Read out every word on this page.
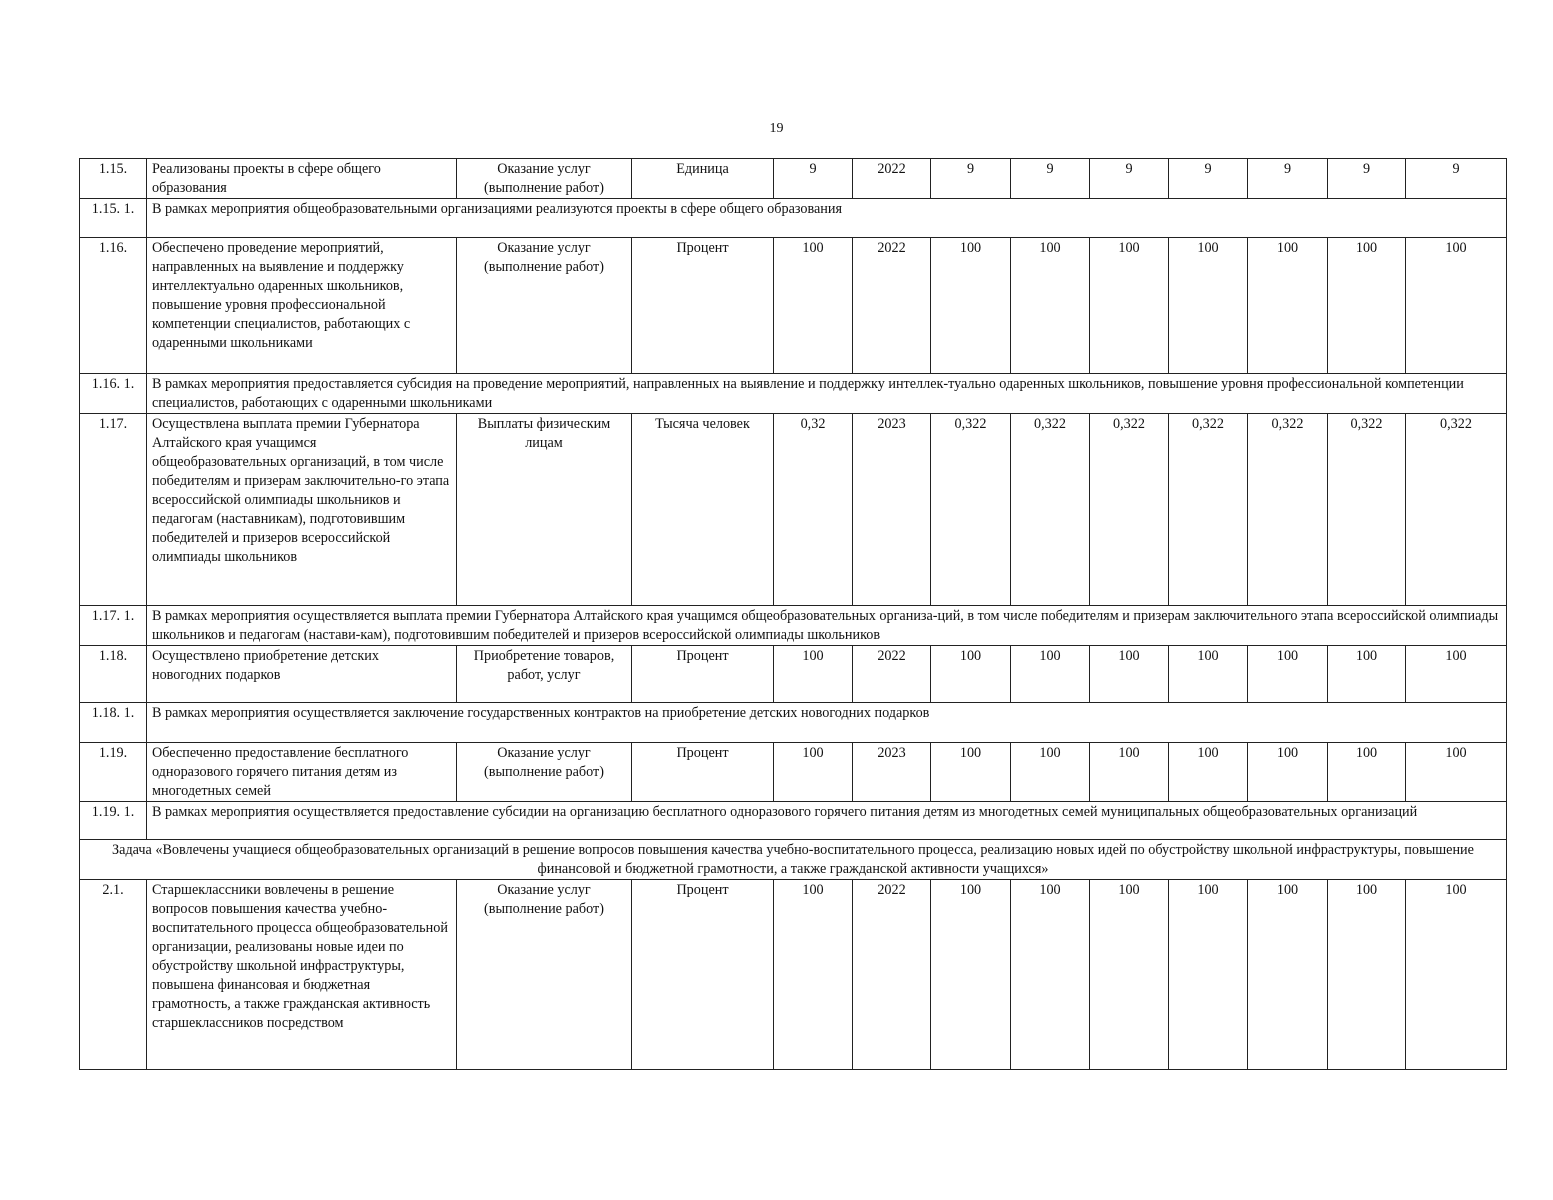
19
1.15.	Реализованы проекты в сфере общего образования	Оказание услуг (выполнение работ)	Единица	9	2022	9	9	9	9	9	9	9
1.15. 1.	В рамках мероприятия общеобразовательными организациями реализуются проекты в сфере общего образования											
1.16.	Обеспечено проведение мероприятий, направленных на выявление и поддержку интеллектуально одаренных школьников, повышение уровня профессиональной компетенции специалистов, работающих с одаренными школьниками	Оказание услуг (выполнение работ)	Процент	100	2022	100	100	100	100	100	100	100
1.16. 1.	В рамках мероприятия предоставляется субсидия на проведение мероприятий, направленных на выявление и поддержку интеллек-туально одаренных школьников, повышение уровня профессиональной компетенции специалистов, работающих с одаренными школьниками											
1.17.	Осуществлена выплата премии Губернатора Алтайского края учащимся общеобразовательных организаций, в том числе победителям и призерам заключительно-го этапа всероссийской олимпиады школьников и педагогам (наставникам), подготовившим победителей и призеров всероссийской олимпиады школьников	Выплаты физическим лицам	Тысяча человек	0,32	2023	0,322	0,322	0,322	0,322	0,322	0,322	0,322
1.17. 1.	В рамках мероприятия осуществляется выплата премии Губернатора Алтайского края учащимся общеобразовательных организа-ций, в том числе победителям и призерам заключительного этапа всероссийской олимпиады школьников и педагогам (настави-кам), подготовившим победителей и призеров всероссийской олимпиады школьников											
1.18.	Осуществлено приобретение детских новогодних подарков	Приобретение товаров, работ, услуг	Процент	100	2022	100	100	100	100	100	100	100
1.18. 1.	В рамках мероприятия осуществляется заключение государственных контрактов на приобретение детских новогодних подарков											
1.19.	Обеспеченно предоставление бесплатного одноразового горячего питания детям из многодетных семей	Оказание услуг (выполнение работ)	Процент	100	2023	100	100	100	100	100	100	100
1.19. 1.	В рамках мероприятия осуществляется предоставление субсидии на организацию бесплатного одноразового горячего питания детям из многодетных семей муниципальных общеобразовательных организаций											
Задача «Вовлечены учащиеся общеобразовательных организаций в решение вопросов повышения качества учебно-воспитательного процесса, реализацию новых идей по обустройству школьной инфраструктуры, повышение финансовой и бюджетной грамотности, а также гражданской активности учащихся»												
2.1.	Старшеклассники вовлечены в решение вопросов повышения качества учебно-воспитательного процесса общеобразовательной организации, реализованы новые идеи по обустройству школьной инфраструктуры, повышена финансовая и бюджетная грамотность, а также гражданская активность старшеклассников посредством	Оказание услуг (выполнение работ)	Процент	100	2022	100	100	100	100	100	100	100
